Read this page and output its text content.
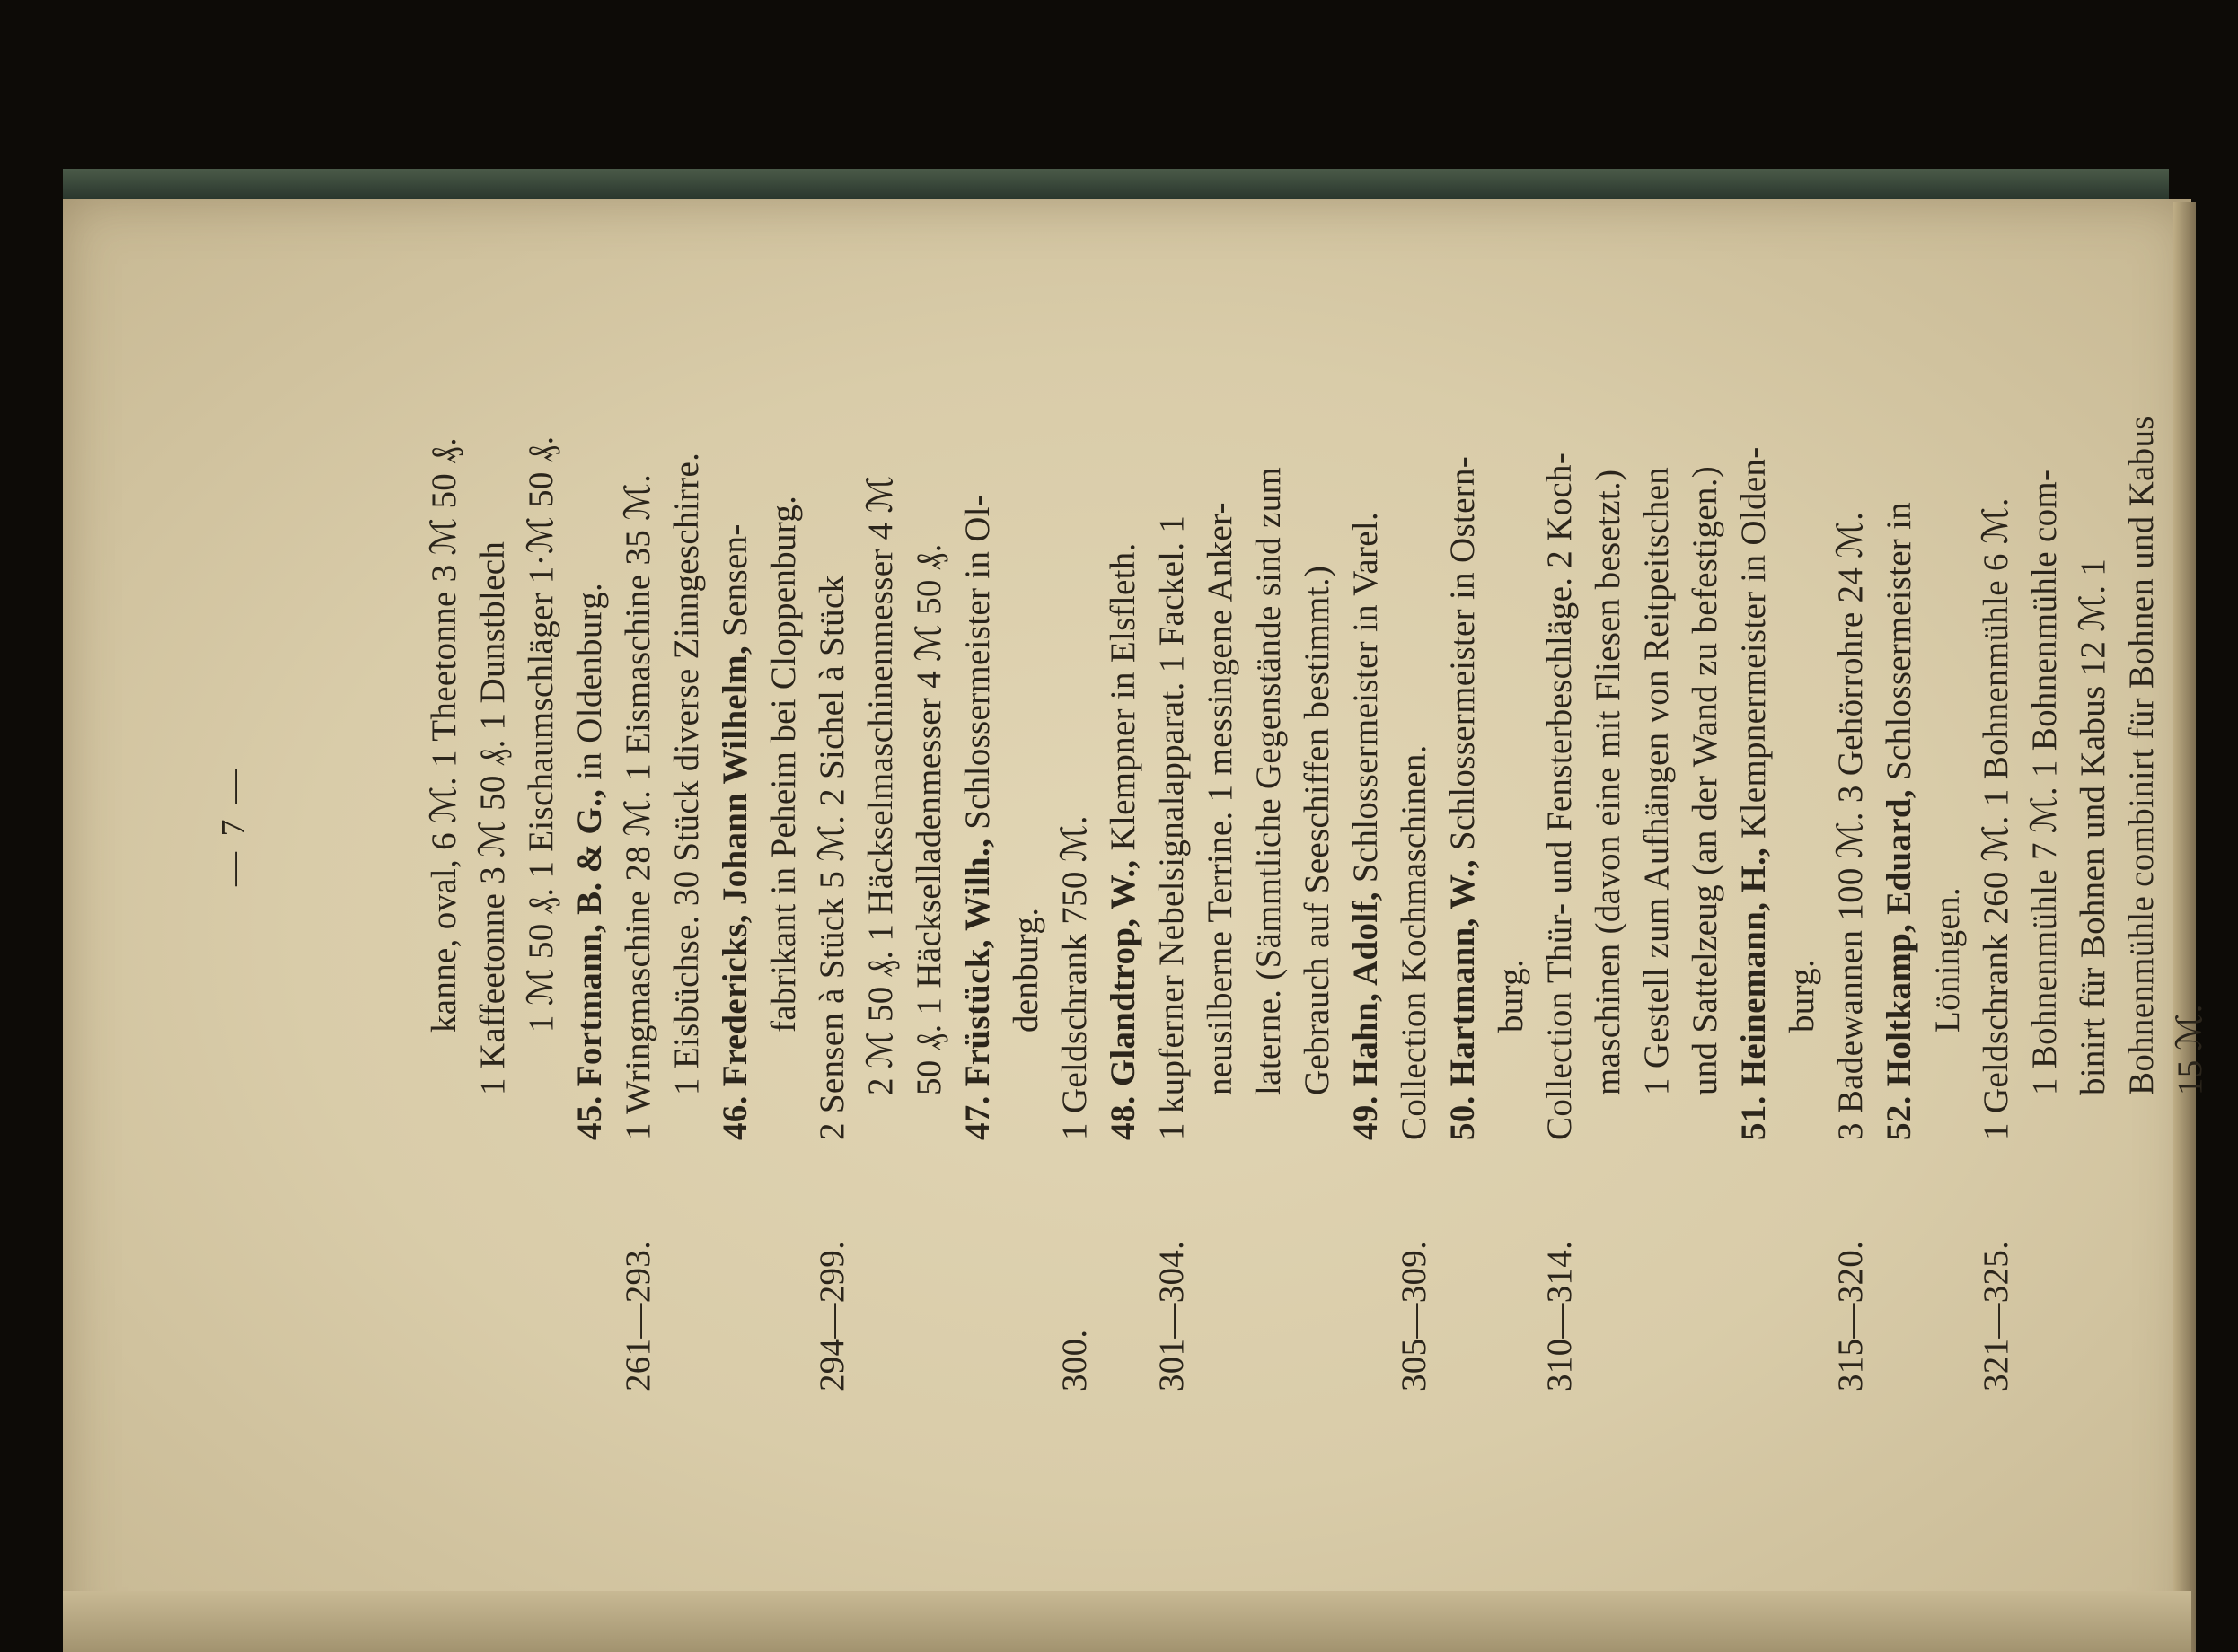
— 7 —	kanne, oval, 6 ℳ. 1 Theetonne 3 ℳ 50 ₰. 1 Kaffeetonne 3 ℳ 50 ₰. 1 Dunstblech 1 ℳ 50 ₰. 1 Eischaumschläger 1·ℳ 50 ₰. 45. Fortmann, B. & G., in Oldenburg.
261—293.
1 Wringmaschine 28 ℳ. 1 Eismaschine 35 ℳ. 1 Eisbüchse. 30 Stück diverse Zinngeschirre. 46. Fredericks, Johann Wilhelm, Sensen- fabrikant in Peheim bei Cloppenburg.
294—299.
2 Sensen à Stück 5 ℳ. 2 Sichel à Stück 2 ℳ 50 ₰. 1 Häckselmaschinenmesser 4 ℳ 50 ₰. 1 Häckselladenmesser 4 ℳ 50 ₰. 47. Früstück, Wilh., Schlossermeister in Ol-
denburg.
300.
1 Geldschrank 750 ℳ. 48. Glandtrop, W., Klempner in Elsfleth.
301—304.
1 kupferner Nebelsignalapparat. 1 Fackel. 1 neusilberne Terrine. 1 messingene Anker- laterne. (Sämmtliche Gegenstände sind zum Gebrauch auf Seeschiffen bestimmt.) 49. Hahn, Adolf, Schlossermeister in Varel.
305—309.
Collection Kochmaschinen. 50. Hartmann, W., Schlossermeister in Ostern-
burg.
310—314.
Collection Thür- und Fensterbeschläge. 2 Koch- maschinen (davon eine mit Fliesen besetzt.) 1 Gestell zum Aufhängen von Reitpeitschen und Sattelzeug (an der Wand zu befestigen.) 51. Heinemann, H., Klempnermeister in Olden-
burg.
315—320.
3 Badewannen 100 ℳ. 3 Gehörrohre 24 ℳ. 52. Holtkamp, Eduard, Schlossermeister in
Löningen.
321—325.
1 Geldschrank 260 ℳ. 1 Bohnenmühle 6 ℳ. 1 Bohnenmühle 7 ℳ. 1 Bohnenmühle com- binirt für Bohnen und Kabus 12 ℳ. 1 Bohnenmühle combinirt für Bohnen und Kabus 15 ℳ.
